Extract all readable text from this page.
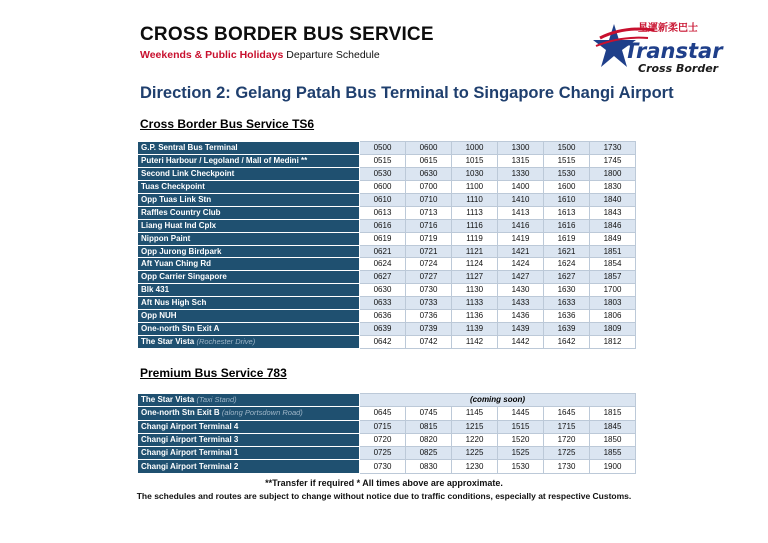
CROSS BORDER BUS SERVICE
Weekends & Public Holidays Departure Schedule
星運新柔巴士
Transtar
Cross Border
Direction 2: Gelang Patah Bus Terminal to Singapore Changi Airport
Cross Border Bus Service TS6
G.P. Sentral Bus Terminal	0500	0600	1000	1300	1500	1730
Puteri Harbour / Legoland / Mall of Medini **	0515	0615	1015	1315	1515	1745
Second Link Checkpoint	0530	0630	1030	1330	1530	1800
Tuas Checkpoint	0600	0700	1100	1400	1600	1830
Opp Tuas Link Stn	0610	0710	1110	1410	1610	1840
Raffles Country Club	0613	0713	1113	1413	1613	1843
Liang Huat Ind Cplx	0616	0716	1116	1416	1616	1846
Nippon Paint	0619	0719	1119	1419	1619	1849
Opp Jurong Birdpark	0621	0721	1121	1421	1621	1851
Aft Yuan Ching Rd	0624	0724	1124	1424	1624	1854
Opp Carrier Singapore	0627	0727	1127	1427	1627	1857
Blk 431	0630	0730	1130	1430	1630	1700
Aft Nus High Sch	0633	0733	1133	1433	1633	1803
Opp NUH	0636	0736	1136	1436	1636	1806
One-north Stn Exit A	0639	0739	1139	1439	1639	1809
The Star Vista (Rochester Drive)	0642	0742	1142	1442	1642	1812
Premium Bus Service 783
The Star Vista (Taxi Stand)	(coming soon)					
One-north Stn Exit B (along Portsdown Road)	0645	0745	1145	1445	1645	1815
Changi Airport Terminal 4	0715	0815	1215	1515	1715	1845
Changi Airport Terminal 3	0720	0820	1220	1520	1720	1850
Changi Airport Terminal 1	0725	0825	1225	1525	1725	1855
Changi Airport Terminal 2	0730	0830	1230	1530	1730	1900
**Transfer if required * All times above are approximate.
The schedules and routes are subject to change without notice due to traffic conditions, especially at respective Customs.
